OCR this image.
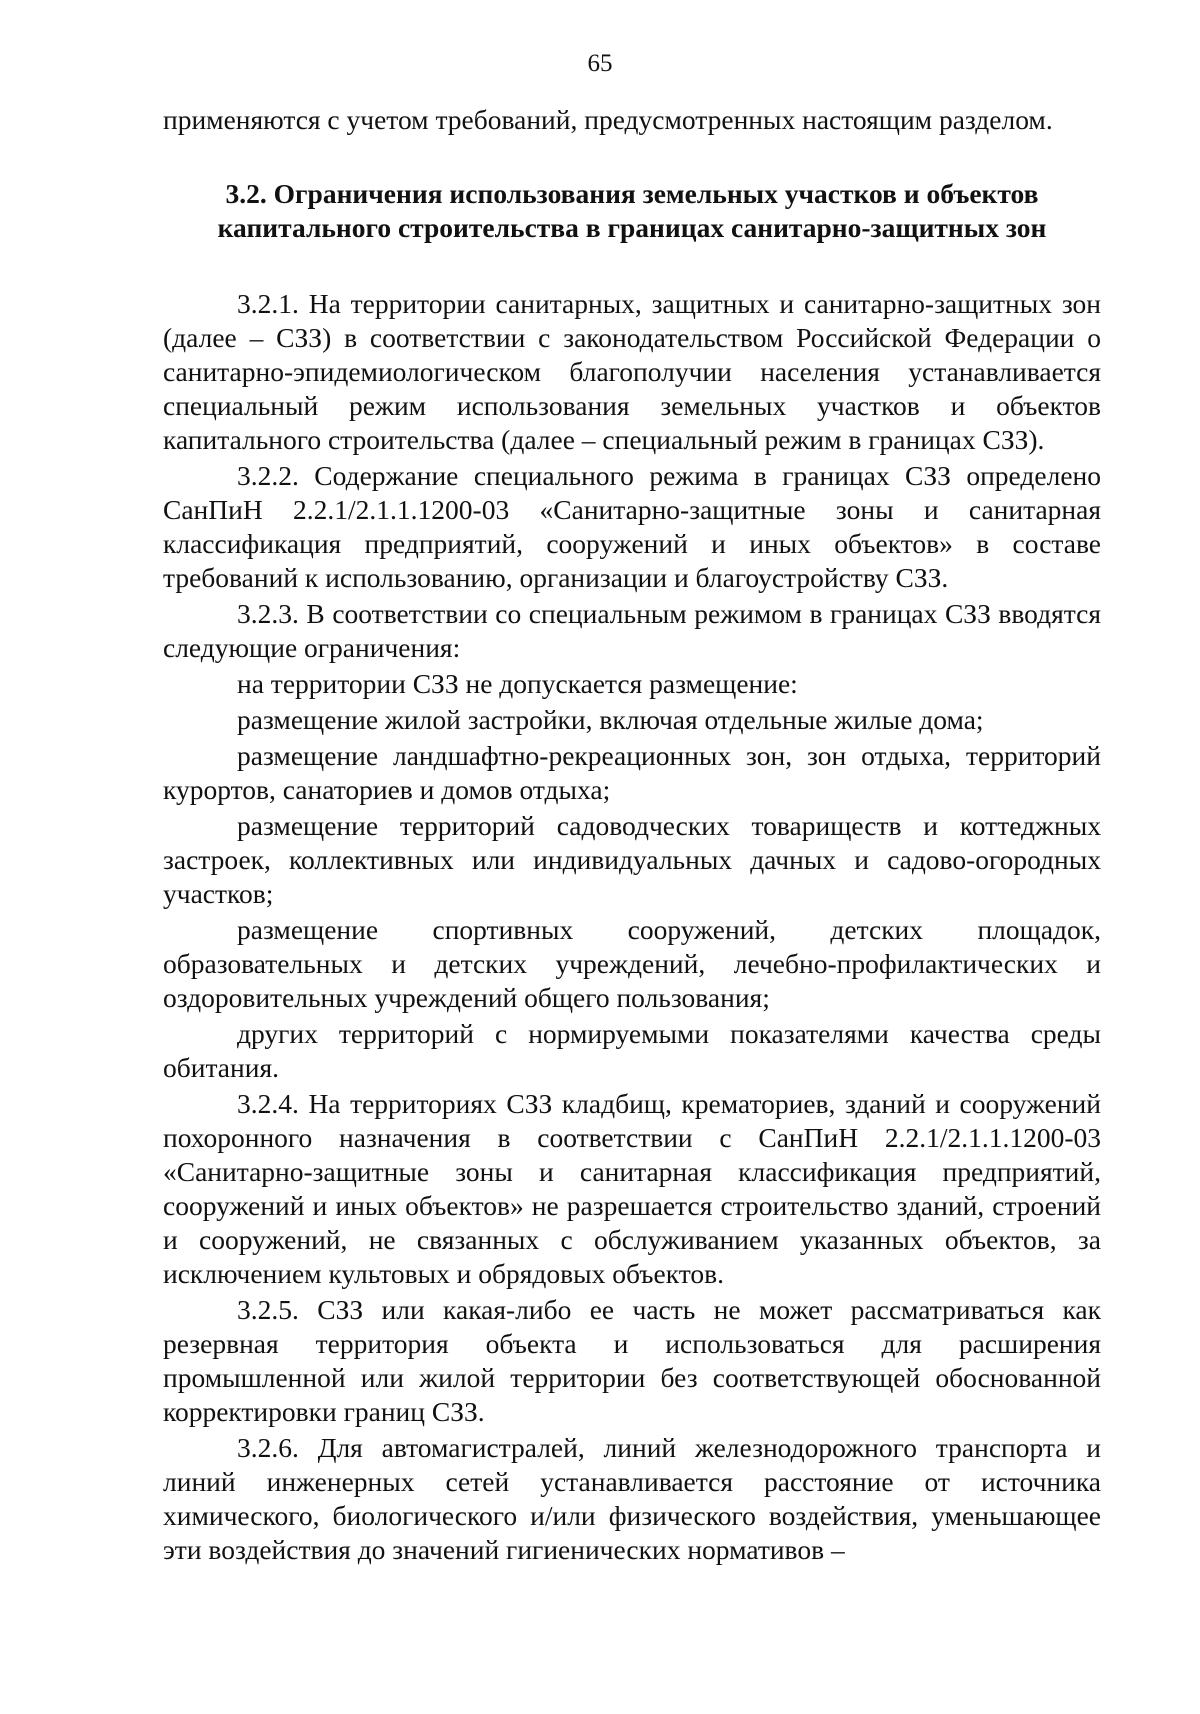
65

применяются с учетом требований, предусмотренных настоящим разделом.

3.2. Ограничения использования земельных участков и объектов
капитального строительства в границах санитарно-защитных зон

3.2.1. На территории санитарных, защитных и санитарно-защитных зон (далее – СЗЗ) в соответствии с законодательством Российской Федерации о санитарно-эпидемиологическом благополучии населения устанавливается специальный режим использования земельных участков и объектов капитального строительства (далее – специальный режим в границах СЗЗ).

3.2.2. Содержание специального режима в границах СЗЗ определено СанПиН 2.2.1/2.1.1.1200-03 «Санитарно-защитные зоны и санитарная классификация предприятий, сооружений и иных объектов» в составе требований к использованию, организации и благоустройству СЗЗ.

3.2.3. В соответствии со специальным режимом в границах СЗЗ вводятся следующие ограничения:

на территории СЗЗ не допускается размещение:

размещение жилой застройки, включая отдельные жилые дома;

размещение ландшафтно-рекреационных зон, зон отдыха, территорий курортов, санаториев и домов отдыха;

размещение территорий садоводческих товариществ и коттеджных застроек, коллективных или индивидуальных дачных и садово-огородных участков;

размещение спортивных сооружений, детских площадок, образовательных и детских учреждений, лечебно-профилактических и оздоровительных учреждений общего пользования;

других территорий с нормируемыми показателями качества среды обитания.

3.2.4. На территориях СЗЗ кладбищ, крематориев, зданий и сооружений похоронного назначения в соответствии с СанПиН 2.2.1/2.1.1.1200-03 «Санитарно-защитные зоны и санитарная классификация предприятий, сооружений и иных объектов» не разрешается строительство зданий, строений и сооружений, не связанных с обслуживанием указанных объектов, за исключением культовых и обрядовых объектов.

3.2.5. СЗЗ или какая-либо ее часть не может рассматриваться как резервная территория объекта и использоваться для расширения промышленной или жилой территории без соответствующей обоснованной корректировки границ СЗЗ.

3.2.6. Для автомагистралей, линий железнодорожного транспорта и линий инженерных сетей устанавливается расстояние от источника химического, биологического и/или физического воздействия, уменьшающее эти воздействия до значений гигиенических нормативов –
